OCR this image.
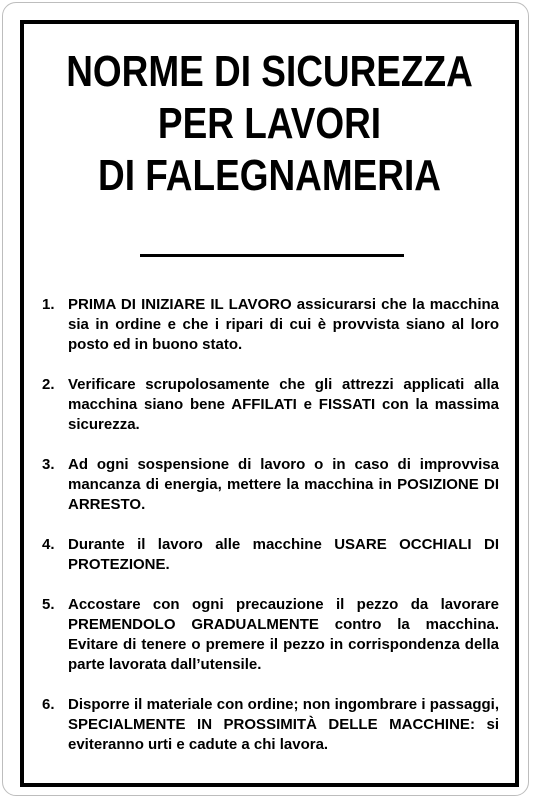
NORME DI SICUREZZA
PER LAVORI
DI FALEGNAMERIA
1. PRIMA DI INIZIARE IL LAVORO assicurarsi che la macchina sia in ordine e che i ripari di cui è provvista siano al loro posto ed in buono stato.
2. Verificare scrupolosamente che gli attrezzi applicati alla macchina siano bene AFFILATI e FISSATI con la massima sicurezza.
3. Ad ogni sospensione di lavoro o in caso di improvvisa mancanza di energia, mettere la macchina in POSIZIONE DI ARRESTO.
4. Durante il lavoro alle macchine USARE OCCHIALI DI PROTEZIONE.
5. Accostare con ogni precauzione il pezzo da lavorare PREMENDOLO GRADUALMENTE contro la macchina. Evitare di tenere o premere il pezzo in corrispondenza della parte lavorata dall’utensile.
6. Disporre il materiale con ordine; non ingombrare i passaggi, SPECIALMENTE IN PROSSIMITÀ DELLE MACCHINE: si eviteranno urti e cadute a chi lavora.
